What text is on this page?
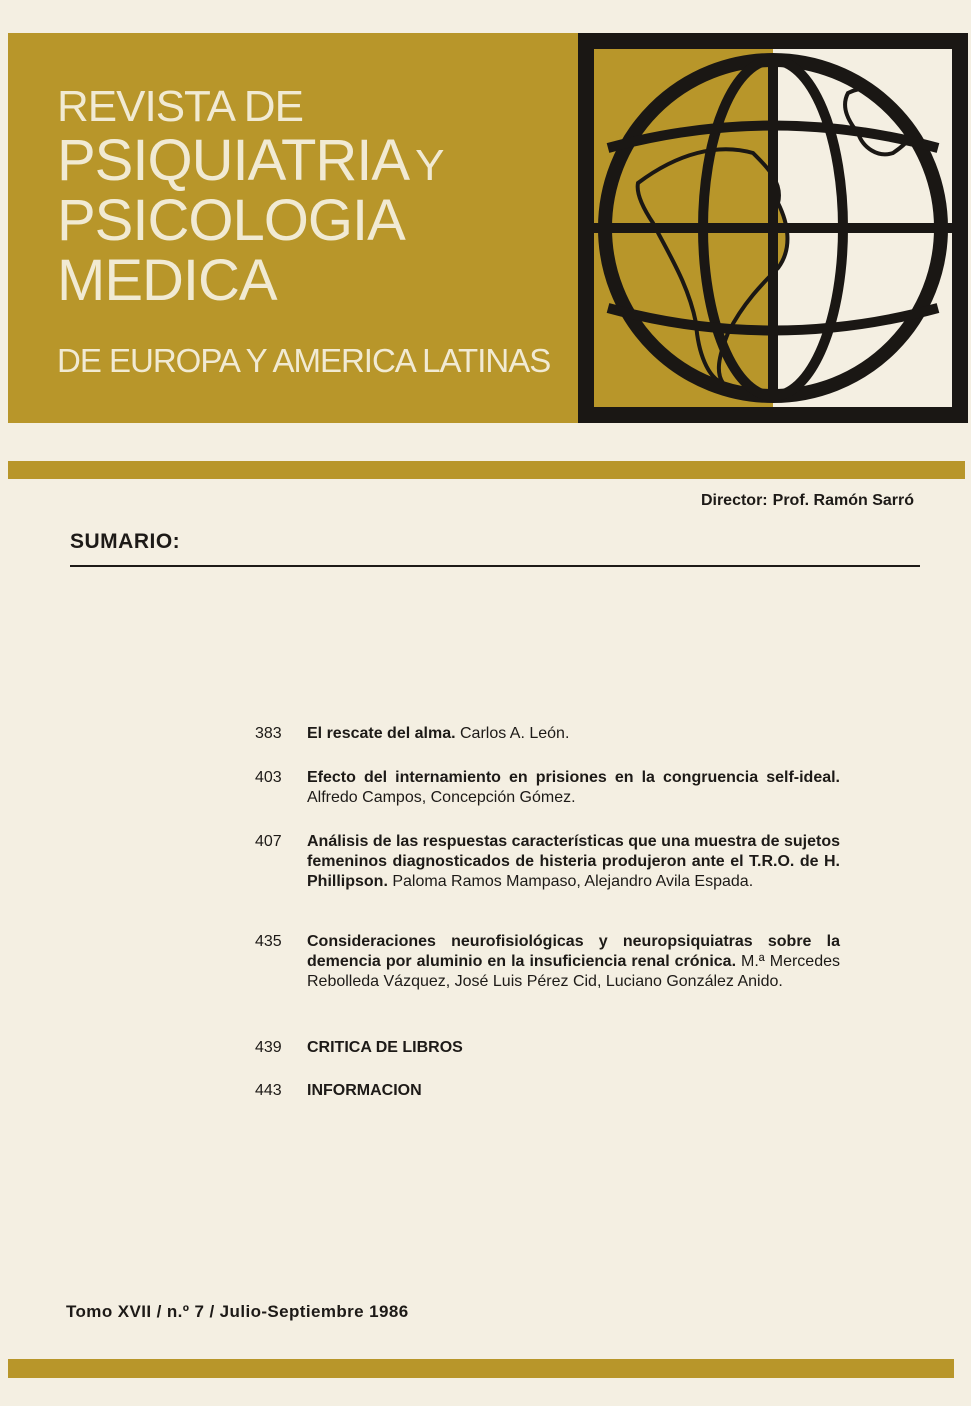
REVISTA DE
PSIQUIATRIA Y
PSICOLOGIA
MEDICA
DE EUROPA Y AMERICA LATINAS
Director: Prof. Ramón Sarró
SUMARIO:
383	El rescate del alma. Carlos A. León.
403	Efecto del internamiento en prisiones en la congruencia self-ideal. Alfredo Campos, Concepción Gómez.
407	Análisis de las respuestas características que una muestra de sujetos femeninos diagnosticados de histeria produjeron ante el T.R.O. de H. Phillipson. Paloma Ramos Mampaso, Alejandro Avila Espada.
435	Consideraciones neurofisiológicas y neuropsiquiatras sobre la demencia por aluminio en la insuficiencia renal crónica. M.ª Mercedes Rebolleda Vázquez, José Luis Pérez Cid, Luciano González Anido.
439	CRITICA DE LIBROS
443	INFORMACION
Tomo XVII / n.º 7 / Julio-Septiembre 1986
